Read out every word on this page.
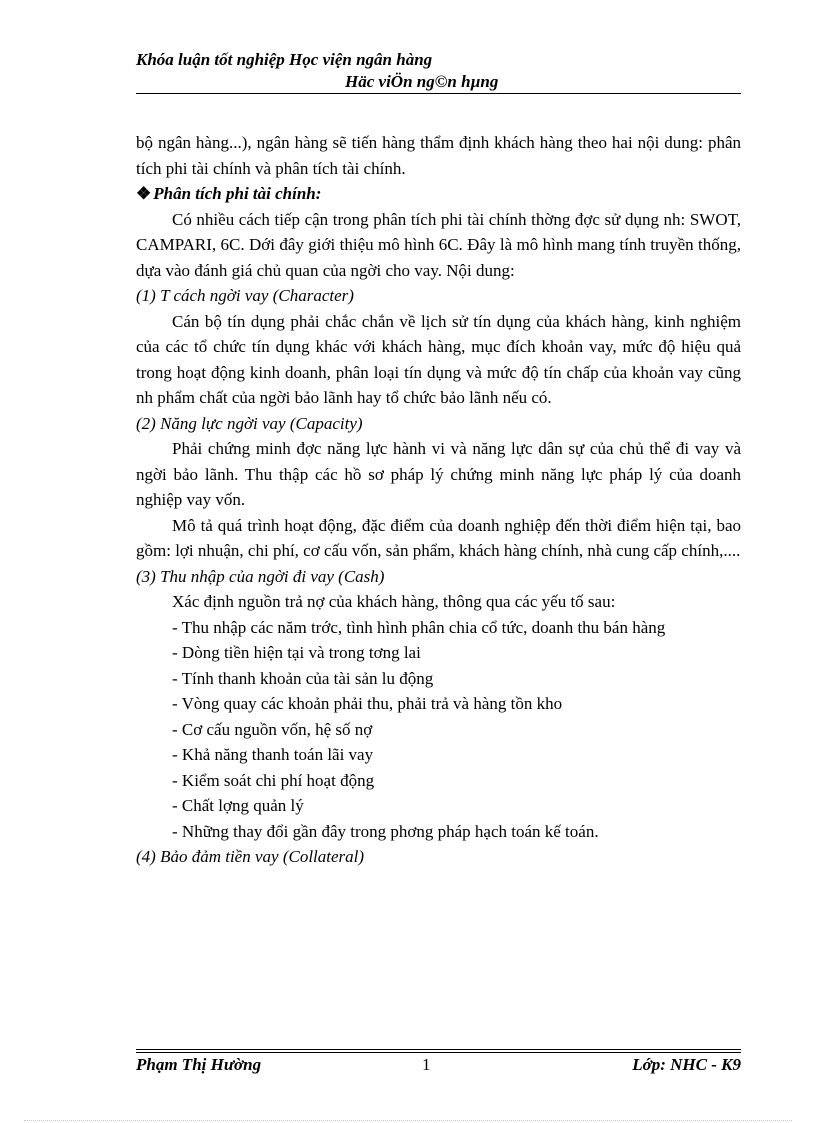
Khóa luận tốt nghiệp Học viện ngân hàng
Häc viÖn ng©n hµng

bộ ngân hàng...), ngân hàng sẽ tiến hàng thẩm định khách hàng theo hai nội dung: phân tích phi tài chính và phân tích tài chính.

❖ Phân tích phi tài chính:

Có nhiều cách tiếp cận trong phân tích phi tài chính thờng đợc sử dụng nh: SWOT, CAMPARI, 6C. Dới đây giới thiệu mô hình 6C. Đây là mô hình mang tính truyền thống, dựa vào đánh giá chủ quan của ngời cho vay. Nội dung:

(1) T cách ngời vay (Character)

Cán bộ tín dụng phải chắc chắn về lịch sử tín dụng của khách hàng, kinh nghiệm của các tổ chức tín dụng khác với khách hàng, mục đích khoản vay, mức độ hiệu quả trong hoạt động kinh doanh, phân loại tín dụng và mức độ tín chấp của khoản vay cũng nh phẩm chất của ngời bảo lãnh hay tổ chức bảo lãnh nếu có.

(2) Năng lực ngời vay (Capacity)

Phải chứng minh đợc năng lực hành vi và năng lực dân sự của chủ thể đi vay và ngời bảo lãnh. Thu thập các hồ sơ pháp lý chứng minh năng lực pháp lý của doanh nghiệp vay vốn.

Mô tả quá trình hoạt động, đặc điểm của doanh nghiệp đến thời điểm hiện tại, bao gồm: lợi nhuận, chi phí, cơ cấu vốn, sản phẩm, khách hàng chính, nhà cung cấp chính,....

(3) Thu nhập của ngời đi vay (Cash)

Xác định nguồn trả nợ của khách hàng, thông qua các yếu tố sau:

- Thu nhập các năm trớc, tình hình phân chia cổ tức, doanh thu bán hàng

- Dòng tiền hiện tại và trong tơng lai

- Tính thanh khoản của tài sản lu động

- Vòng quay các khoản phải thu, phải trả và hàng tồn kho

- Cơ cấu nguồn vốn, hệ số nợ

- Khả năng thanh toán lãi vay

- Kiểm soát chi phí hoạt động

- Chất lợng quản lý

- Những thay đổi gần đây trong phơng pháp hạch toán kế toán.

(4) Bảo đảm tiền vay (Collateral)

Phạm Thị Hường	1	Lớp: NHC - K9
